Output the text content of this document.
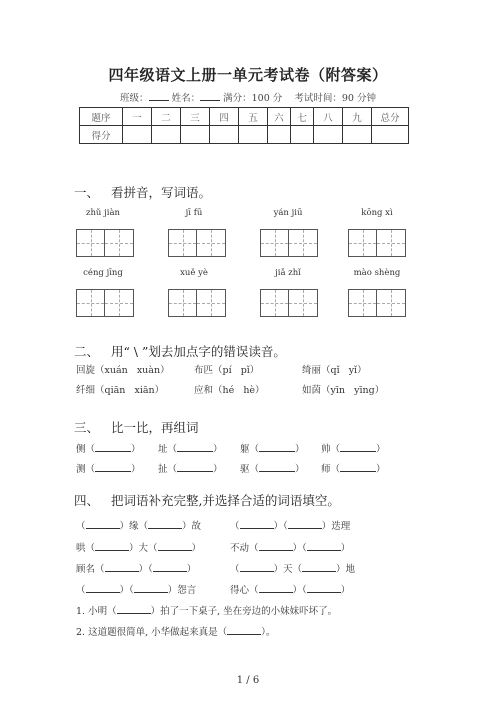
四年级语文上册一单元考试卷（附答案）
班级： 姓名： 满分：100 分 考试时间：90 分钟
题序	一	二	三	四	五	六	七	八	九	总分
得分										
一、 看拼音，写词语。
zhǔ jiàn	jī fū	yán jiū	kōng xì
céng jīng	xuě yè	jiǎ zhǐ	mào shèng
二、 用“ \ ”划去加点字的错误读音。
回旋（xuán xuàn）	布匹（pí pǐ）	绮丽（qǐ yǐ）
纤细（qiān xiān）	应和（hé hè）	如茵（yīn yīng）
三、 比一比，再组词
侧（	） 址（	） 躯（	） 帅（	）
测（	） 扯（	） 驱（	） 师（	）
四、 把词语补充完整,并选择合适的词语填空。
（	）缘（	）故	（	）（	）迭理
哄（	）大（	）	不动（	）（	）
顾名（	）（	）	（	）天（	）地
（	）（	）怨言	得心（	）（	）
1. 小明（	）拍了一下桌子, 坐在旁边的小妹妹吓坏了。
2. 这道题很简单, 小华做起来真是（	）。
1 / 6
